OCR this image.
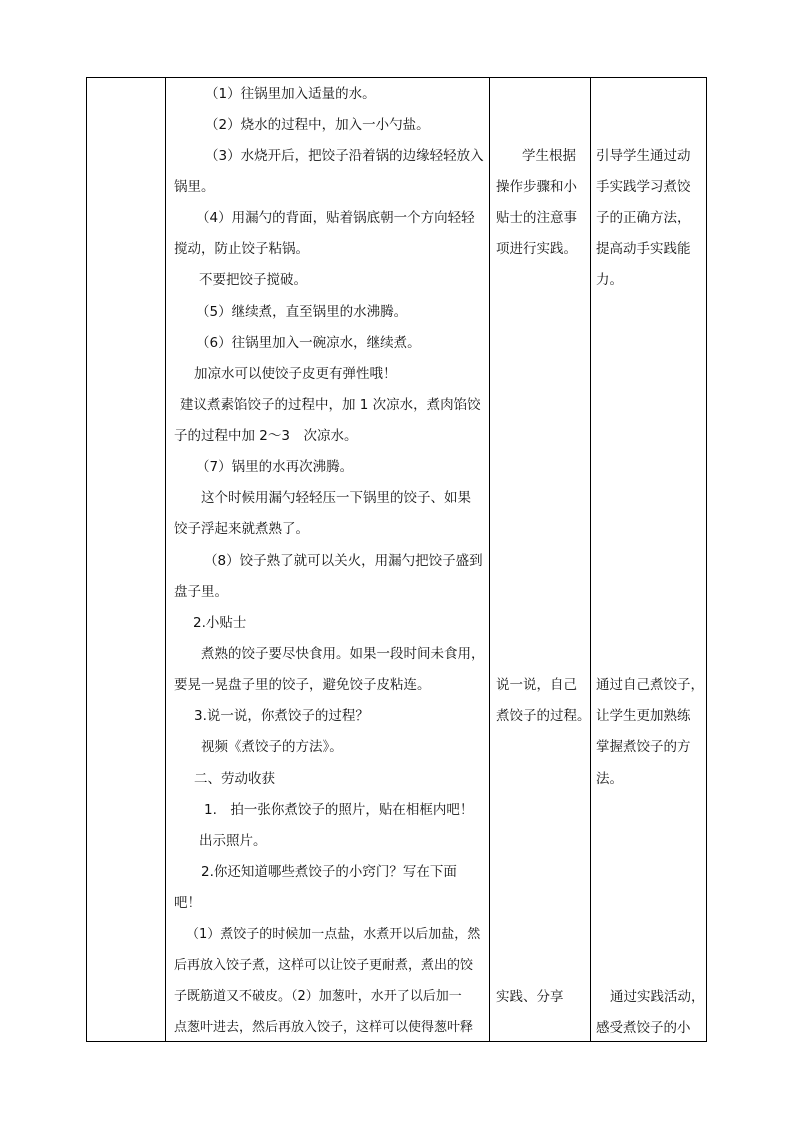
（1）往锅里加入适量的水。
（2）烧水的过程中，加入一小勺盐。
（3）水烧开后，把饺子沿着锅的边缘轻轻放入
锅里。
（4）用漏勺的背面，贴着锅底朝一个方向轻轻
搅动，防止饺子粘锅。
不要把饺子搅破。
（5）继续煮，直至锅里的水沸腾。
（6）往锅里加入一碗凉水，继续煮。
加凉水可以使饺子皮更有弹性哦！
建议煮素馅饺子的过程中，加 1 次凉水，煮肉馅饺
子的过程中加 2～3　次凉水。
（7）锅里的水再次沸腾。
这个时候用漏勺轻轻压一下锅里的饺子、如果
饺子浮起来就煮熟了。
（8）饺子熟了就可以关火，用漏勺把饺子盛到
盘子里。
2.小贴士
煮熟的饺子要尽快食用。如果一段时间未食用，
要晃一晃盘子里的饺子，避免饺子皮粘连。
3.说一说，你煮饺子的过程？
视频《煮饺子的方法》。
二、劳动收获
1.　拍一张你煮饺子的照片，贴在相框内吧！
出示照片。
2.你还知道哪些煮饺子的小窍门？写在下面
吧！
（1）煮饺子的时候加一点盐，水煮开以后加盐，然
后再放入饺子煮，这样可以让饺子更耐煮，煮出的饺
子既筋道又不破皮。（2）加葱叶，水开了以后加一
点葱叶进去，然后再放入饺子，这样可以使得葱叶释
学生根据
操作步骤和小
贴士的注意事
项进行实践。
说一说，自己
煮饺子的过程。
实践、分享
引导学生通过动
手实践学习煮饺
子的正确方法，
提高动手实践能
力。
通过自己煮饺子，
让学生更加熟练
掌握煮饺子的方
法。
通过实践活动，
感受煮饺子的小
